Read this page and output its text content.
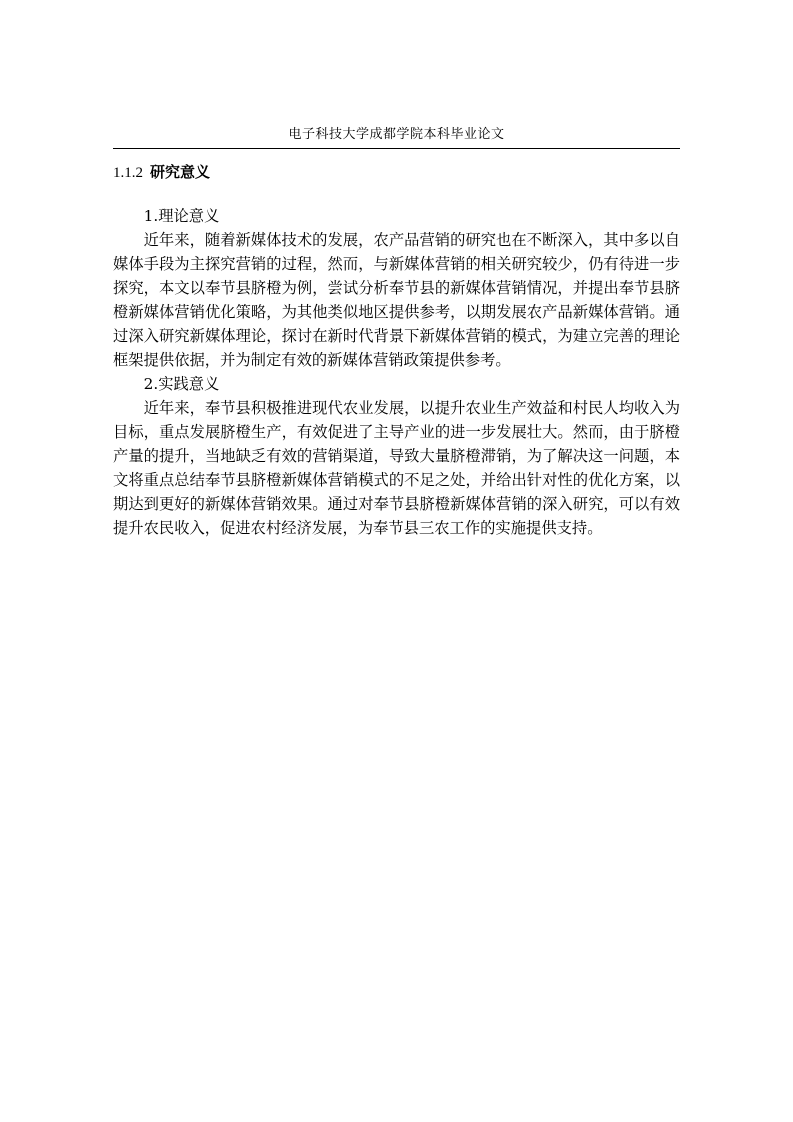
电子科技大学成都学院本科毕业论文
1.1.2 研究意义

1.理论意义

近年来，随着新媒体技术的发展，农产品营销的研究也在不断深入，其中多以自媒体手段为主探究营销的过程，然而，与新媒体营销的相关研究较少，仍有待进一步探究，本文以奉节县脐橙为例，尝试分析奉节县的新媒体营销情况，并提出奉节县脐橙新媒体营销优化策略，为其他类似地区提供参考，以期发展农产品新媒体营销。通过深入研究新媒体理论，探讨在新时代背景下新媒体营销的模式，为建立完善的理论框架提供依据，并为制定有效的新媒体营销政策提供参考。

2.实践意义

近年来，奉节县积极推进现代农业发展，以提升农业生产效益和村民人均收入为目标，重点发展脐橙生产，有效促进了主导产业的进一步发展壮大。然而，由于脐橙产量的提升，当地缺乏有效的营销渠道，导致大量脐橙滞销，为了解决这一问题，本文将重点总结奉节县脐橙新媒体营销模式的不足之处，并给出针对性的优化方案，以期达到更好的新媒体营销效果。通过对奉节县脐橙新媒体营销的深入研究，可以有效提升农民收入，促进农村经济发展，为奉节县三农工作的实施提供支持。
